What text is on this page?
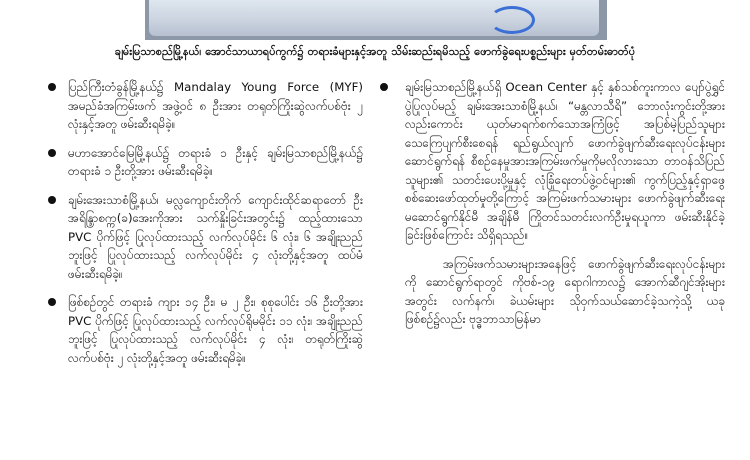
ချမ်းမြသာစည်မြို့နယ်၊ အောင်သာယာရပ်ကွက်၌ တရားခံများနှင့်အတူ သိမ်းဆည်းရမိသည့် ဖောက်ခွဲရေးပစ္စည်းများ မှတ်တမ်းဓာတ်ပုံ
ပြည်ကြီးတံခွန်မြို့နယ်၌ Mandalay Young Force (MYF) အမည်ခံအကြမ်းဖက် အဖွဲ့ဝင် ၈ ဦးအား တရုတ်ကြိုးဆွဲလက်ပစ်ဗုံး ၂ လုံးနှင့်အတူ ဖမ်းဆီးရမိခဲ့။
မဟာအောင်မြေမြို့နယ်၌ တရားခံ ၁ ဦးနှင့် ချမ်းမြသာစည်မြို့နယ်၌ တရားခံ ၁ ဦးတို့အား ဖမ်းဆီးရမိခဲ့။
ချမ်းအေးသာစံမြို့နယ်၊ မလ္လကျောင်းတိုက် ကျောင်းထိုင်ဆရာတော် ဦးအရိန္ဒြာစက္က(ခ)အေးကိုအား သက်နှိုးခြင်းအတွင်း၌ ထည့်ထားသော PVC ပိုက်ဖြင့် ပြုလုပ်ထားသည့် လက်လုပ်မိုင်း ၆ လုံး၊ ၆ အချိုးညည်ဘူးဖြင့် ပြုလုပ်ထားသည့် လက်လုပ်မိုင်း ၄ လုံးတို့နှင့်အတူ ထပ်မံဖမ်းဆီးရမိခဲ့။
ဖြစ်စဉ်တွင် တရားခံ ကျား ၁၄ ဦး၊ မ ၂ ဦး၊ စုစုပေါင်း ၁၆ ဦးတို့အား PVC ပိုက်ဖြင့် ပြုလုပ်ထားသည့် လက်လုပ်ရိုမမိုင်း ၁၁ လုံး၊ အချိုးညည်ဘူးဖြင့် ပြုလုပ်ထားသည့် လက်လုပ်မိုင်း ၄ လုံး၊ တရုတ်ကြိုးဆွဲလက်ပစ်ဗုံး ၂ လုံးတို့နှင့်အတူ ဖမ်းဆီးရမိခဲ့။
ချမ်းမြသာစည်မြို့နယ်ရှိ Ocean Center နှင့် နှစ်သစ်ကူးကာလ ပျော်ပွဲရွှင်ပွဲပြုလုပ်မည့် ချမ်းအေးသာစံမြို့နယ်၊ “မန္တလာသီရိ” ဘောလုံးကွင်းတို့အားလည်းကောင်း ယုတ်မာရက်စက်သောအကြံဖြင့် အပြစ်မဲ့ပြည်သူများ သေကြေပျက်စီးစေရန် ရည်ရွယ်လျက် ဖောက်ခွဲဖျက်ဆီးရေးလုပ်ငန်းများ ဆောင်ရွက်ရန် စီစဉ်နေမှုအားအကြမ်းဖက်မှုကိုမလိုလားသော တာဝန်သိပြည်သူများ၏ သတင်းပေးပို့မှုနှင့် လုံခြုံရေးတပ်ဖွဲ့ဝင်များ၏ ကွက်ပြည့်နှင့်ရှာဖွေစစ်ဆေးဖော်ထုတ်မှုတို့ကြောင့် အကြမ်းဖက်သမားများ ဖောက်ခွဲဖျက်ဆီးရေးမဆောင်ရွက်နိုင်မီ အချိန်မီ ကြိုတင်သတင်းလက်ဦးမှုရယူကာ ဖမ်းဆီးနိုင်ခဲ့ခြင်းဖြစ်ကြောင်း သိရှိရသည်။
အကြမ်းဖက်သမားများအနေဖြင့် ဖောက်ခွဲဖျက်ဆီးရေးလုပ်ငန်းများကို ဆောင်ရွက်ရာတွင် ကိုဗစ်-၁၉ ရောဂါကာလ၌ အောက်ဆီဂျင်အိုးများအတွင်း လက်နက်၊ ခဲယမ်းများ သိုဝှက်သယ်ဆောင်ခဲ့သကဲ့သို့ ယခုဖြစ်စဉ်၌လည်း ဗုဒ္ဓဘာသာမြန်မာ
